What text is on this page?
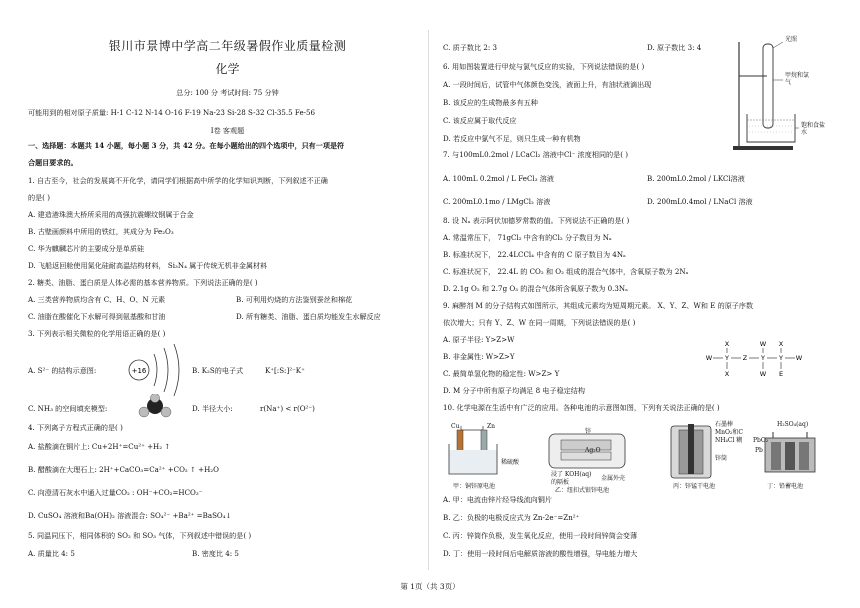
银川市景博中学高二年级暑假作业质量检测
化学
总分: 100 分 考试时间: 75 分钟
可能用到的相对原子质量: H-1 C-12 N-14 O-16 F-19 Na-23 Si-28 S-32 Cl-35.5 Fe-56
Ⅰ卷 客观题
一、选择题：本题共 14 小题，每小题 3 分，共 42 分。在每小题给出的四个选项中，只有一项是符
合题目要求的。
1. 自古至今，社会的发展离不开化学，请同学们根据高中所学的化学知识判断，下列叙述不正确
的是( )
A. 建造港珠澳大桥所采用的高强抗震螺纹钢属于合金
B. 古壁画颜料中所用的铁红，其成分为 Fe₂O₃
C. 华为麒麟芯片的主要成分是单质硅
D. 飞船返回舱使用氮化硅耐高温结构材料， Si₃N₄ 属于传统无机非金属材料
2. 糖类、油脂、蛋白质是人体必需的基本营养物质。下列说法正确的是( )
A. 三类营养物质均含有 C、H、O、N 元素	B. 可利用灼烧的方法鉴别蚕丝和棉花
C. 油脂在酸催化下水解可得到氨基酸和甘油	D. 所有糖类、油脂、蛋白质均能发生水解反应
3. 下列表示相关微粒的化学用语正确的是( )
A. S²⁻ 的结构示意图:	+16	B. K₂S的电子式	K⁺[:S:]²⁻K⁺
C. NH₃ 的空间填充模型:	D. 半径大小:	r(Na⁺) < r(O²⁻)
4. 下列离子方程式正确的是( )
A. 盐酸滴在铜片上: Cu+2H⁺=Cu²⁺ +H₂ ↑
B. 醋酸滴在大理石上: 2H⁺+CaCO₃=Ca²⁺ +CO₂ ↑ +H₂O
C. 向澄清石灰水中通入过量CO₂ : OH⁻+CO₂=HCO₃⁻
D. CuSO₄ 溶液和Ba(OH)₂ 溶液混合: SO₄²⁻ +Ba²⁺ =BaSO₄↓
5. 同温同压下，相同体积的 SO₂ 和 SO₃ 气体，下列叙述中错误的是( )
A. 质量比 4: 5	B. 密度比 4: 5
C. 质子数比 2: 3	D. 原子数比 3: 4
6. 用如图装置进行甲烷与氯气反应的实验，下列说法错误的是( )
A. 一段时间后，试管中气体颜色变浅，液面上升，有油状液滴出现
B. 该反应的生成物最多有五种
C. 该反应属于取代反应
D. 若反应中氯气不足，则只生成一种有机物
光照
甲烷和氯气
饱和食盐水
7. 与100mL0.2mol / LCaCl₂ 溶液中Cl⁻ 浓度相同的是( )
A. 100mL 0.2mol / L FeCl₃ 溶液	B. 200mL0.2mol / LKCl溶液
C. 200mL0.1mo / LMgCl₂ 溶液	D. 200mL0.4mol / LNaCl 溶液
8. 设 Nₐ 表示阿伏加德罗常数的值。下列说法不正确的是( )
A. 常温常压下， 71gCl₂ 中含有的Cl₂ 分子数目为 Nₐ
B. 标准状况下， 22.4LCCl₄ 中含有的 C 原子数目为 4Nₐ
C. 标准状况下， 22.4L 的 CO₂ 和 O₂ 组成的混合气体中，含氧原子数为 2Nₐ
D. 2.1g O₂ 和 2.7g O₃ 的混合气体所含氧原子数为 0.3Nₐ
9. 麻醉剂 M 的分子结构式如图所示，其组成元素均为短周期元素。 X、Y、Z、W和 E 的原子序数
依次增大；只有 Y、Z、W 在同一周期，下列说法错误的是( )
A. 原子半径: Y>Z>W
B. 非金属性: W>Z>Y
C. 最简单氢化物的稳定性: W>Z> Y
D. M 分子中所有原子均满足 8 电子稳定结构
W Y Z Y Y W
X
X
W
W
X
E
10. 化学电源在生活中有广泛的应用。各种电池的示意图如图，下列有关说法正确的是( )
Cu	Zn
稀硫酸
锌
Ag₂O
浸了 KOH(aq)
的隔板
金属外壳
石墨棒
MnO₂和C
NH₄Cl 糊
锌筒
H₂SO₄(aq)
PbO₂
Pb
甲：铜锌原电池	丙：锌锰干电池	丁：铅蓄电池
乙：纽扣式银锌电池
A. 甲：电流由锌片经导线流向铜片
B. 乙：负极的电极反应式为 Zn-2e⁻=Zn²⁺
C. 丙：锌筒作负极，发生氧化反应，使用一段时间锌筒会变薄
D. 丁：使用一段时间后电解质溶液的酸性增强，导电能力增大
第 1页（共 3页）
